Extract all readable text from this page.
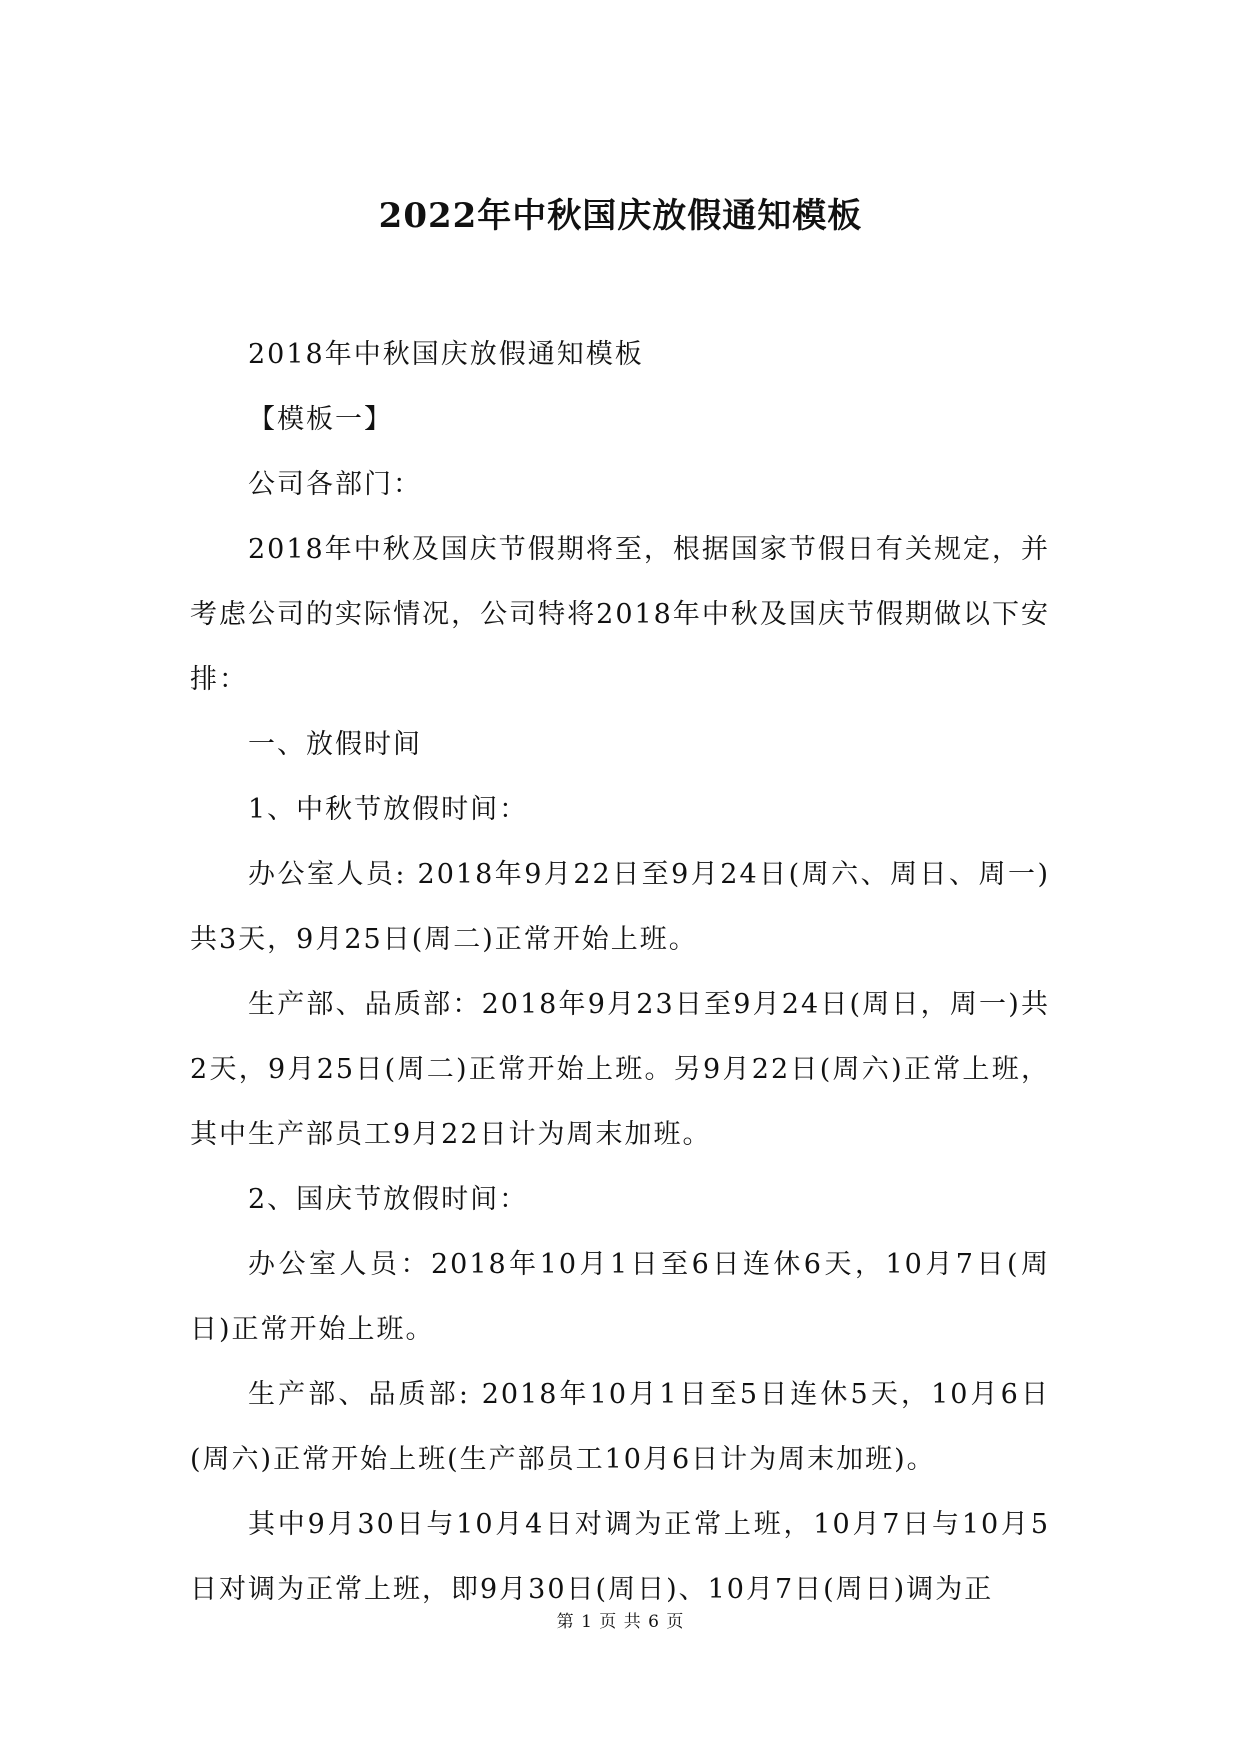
2022年中秋国庆放假通知模板

2018年中秋国庆放假通知模板

【模板一】

公司各部门：

2018年中秋及国庆节假期将至，根据国家节假日有关规定，并考虑公司的实际情况，公司特将2018年中秋及国庆节假期做以下安排：

一、放假时间

1、中秋节放假时间：

办公室人员: 2018年9月22日至9月24日(周六、周日、周一)共3天，9月25日(周二)正常开始上班。

生产部、品质部：2018年9月23日至9月24日(周日，周一)共2天，9月25日(周二)正常开始上班。另9月22日(周六)正常上班，其中生产部员工9月22日计为周末加班。

2、国庆节放假时间：

办公室人员：2018年10月1日至6日连休6天，10月7日(周日)正常开始上班。

生产部、品质部: 2018年10月1日至5日连休5天，10月6日(周六)正常开始上班(生产部员工10月6日计为周末加班)。

其中9月30日与10月4日对调为正常上班，10月7日与10月5日对调为正常上班，即9月30日(周日)、10月7日(周日)调为正

第 1 页 共 6 页
